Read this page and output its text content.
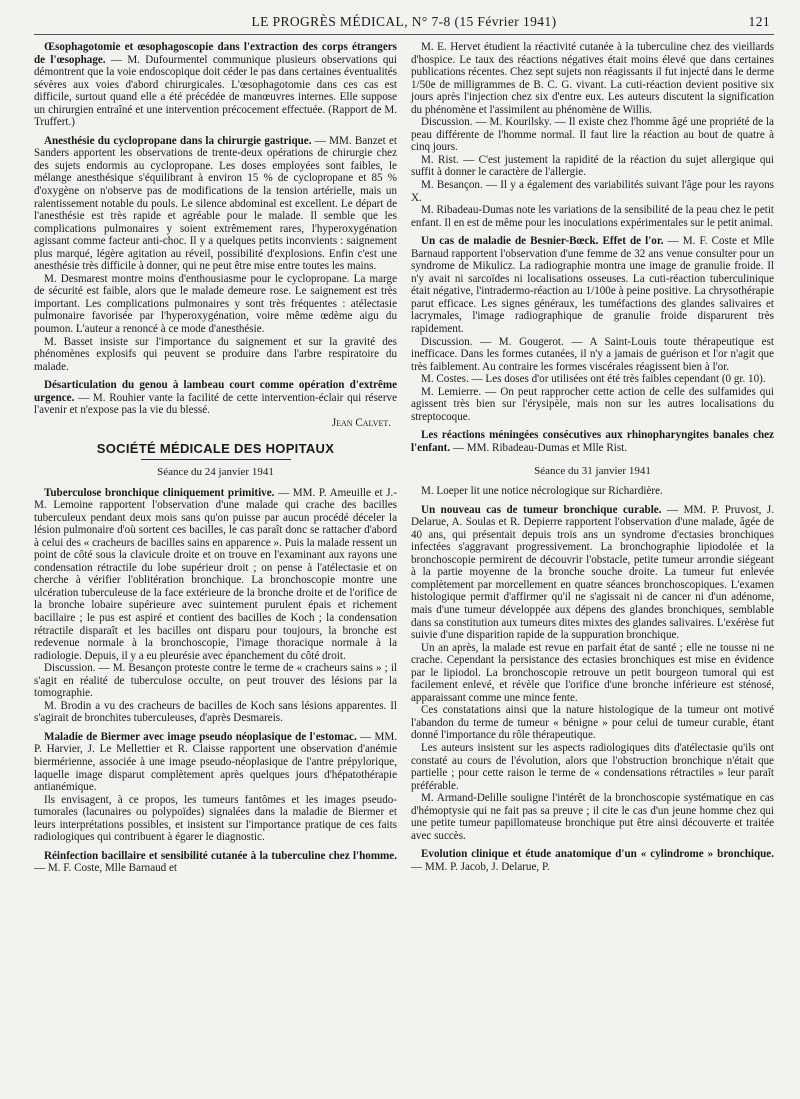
LE PROGRÈS MÉDICAL, N° 7-8 (15 Février 1941)	121

Œsophagotomie et œsophagoscopie dans l'extraction des corps étrangers de l'œsophage. — M. Dufourmentel communique plusieurs observations qui démontrent que la voie endoscopique doit céder le pas dans certaines éventualités sévères aux voies d'abord chirurgicales. L'œsophagotomie dans ces cas est difficile, surtout quand elle a été précédée de manœuvres internes. Elle suppose un chirurgien entraîné et une intervention précocement effectuée. (Rapport de M. Truffert.)

Anesthésie du cyclopropane dans la chirurgie gastrique. — MM. Banzet et Sanders apportent les observations de trente-deux opérations de chirurgie chez des sujets endormis au cyclopropane. Les doses employées sont faibles, le mélange anesthésique s'équilibrant à environ 15 % de cyclopropane et 85 % d'oxygène on n'observe pas de modifications de la tension artérielle, mais un ralentissement notable du pouls. Le silence abdominal est excellent. Le départ de l'anesthésie est très rapide et agréable pour le malade. Il semble que les complications pulmonaires y soient extrêmement rares, l'hyperoxygénation agissant comme facteur anti-choc. Il y a quelques petits inconvients : saignement plus marqué, légère agitation au réveil, possibilité d'explosions. Enfin c'est une anesthésie très difficile à donner, qui ne peut être mise entre toutes les mains.

M. Desmarest montre moins d'enthousiasme pour le cyclopropane. La marge de sécurité est faible, alors que le malade demeure rose. Le saignement est très important. Les complications pulmonaires y sont très fréquentes : atélectasie pulmonaire favorisée par l'hyperoxygénation, voire même œdème aigu du poumon. L'auteur a renoncé à ce mode d'anesthésie.

M. Basset insiste sur l'importance du saignement et sur la gravité des phénomènes explosifs qui peuvent se produire dans l'arbre respiratoire du malade.

Désarticulation du genou à lambeau court comme opération d'extrême urgence. — M. Rouhier vante la facilité de cette intervention-éclair qui réserve l'avenir et n'expose pas la vie du blessé.

Jean Calvet.
SOCIÉTÉ MÉDICALE DES HOPITAUX
Séance du 24 janvier 1941

Tuberculose bronchique cliniquement primitive. — MM. P. Ameuille et J.-M. Lemoine rapportent l'observation d'une malade qui crache des bacilles tuberculeux pendant deux mois sans qu'on puisse par aucun procédé déceler la lésion pulmonaire d'où sortent ces bacilles, le cas paraît donc se rattacher d'abord à celui des « cracheurs de bacilles sains en apparence ». Puis la malade ressent un point de côté sous la clavicule droite et on trouve en l'examinant aux rayons une condensation rétractile du lobe supérieur droit ; on pense à l'atélectasie et on cherche à vérifier l'oblitération bronchique. La bronchoscopie montre une ulcération tuberculeuse de la face extérieure de la bronche droite et de l'orifice de la bronche lobaire supérieure avec suintement purulent épais et richement bacillaire ; le pus est aspiré et contient des bacilles de Koch ; la condensation rétractile disparaît et les bacilles ont disparu pour toujours, la bronche est redevenue normale à la bronchoscopie, l'image thoracique normale à la radiologie. Depuis, il y a eu pleurésie avec épanchement du côté droit.

Discussion. — M. Besançon proteste contre le terme de « cracheurs sains » ; il s'agit en réalité de tuberculose occulte, on peut trouver des lésions par la tomographie.

M. Brodin a vu des cracheurs de bacilles de Koch sans lésions apparentes. Il s'agirait de bronchites tuberculeuses, d'après Desmareis.

Maladie de Biermer avec image pseudo néoplasique de l'estomac. — MM. P. Harvier, J. Le Mellettier et R. Claisse rapportent une observation d'anémie biermérienne, associée à une image pseudo-néoplasique de l'antre prépylorique, laquelle image disparut complètement après quelques jours d'hépatothérapie antianémique.

Ils envisagent, à ce propos, les tumeurs fantômes et les images pseudo-tumorales (lacunaires ou polypoïdes) signalées dans la maladie de Biermer et leurs interprétations possibles, et insistent sur l'importance pratique de ces faits radiologiques qui contribuent à égarer le diagnostic.

Réinfection bacillaire et sensibilité cutanée à la tuberculine chez l'homme. — M. F. Coste, Mlle Barnaud et

M. E. Hervet étudient la réactivité cutanée à la tuberculine chez des vieillards d'hospice. Le taux des réactions négatives était moins élevé que dans certaines publications récentes. Chez sept sujets non réagissants il fut injecté dans le derme 1/50e de milligrammes de B. C. G. vivant. La cuti-réaction devient positive six jours après l'injection chez six d'entre eux. Les auteurs discutent la signification du phénomène et l'assimilent au phénomène de Willis.

Discussion. — M. Kourilsky. — Il existe chez l'homme âgé une propriété de la peau différente de l'homme normal. Il faut lire la réaction au bout de quatre à cinq jours.

M. Rist. — C'est justement la rapidité de la réaction du sujet allergique qui suffit à donner le caractère de l'allergie.

M. Besançon. — Il y a également des variabilités suivant l'âge pour les rayons X.

M. Ribadeau-Dumas note les variations de la sensibilité de la peau chez le petit enfant. Il en est de même pour les inoculations expérimentales sur le petit animal.

Un cas de maladie de Besnier-Bœck. Effet de l'or. — M. F. Coste et Mlle Barnaud rapportent l'observation d'une femme de 32 ans venue consulter pour un syndrome de Mikulicz. La radiographie montra une image de granulie froide. Il n'y avait ni sarcoïdes ni localisations osseuses. La cuti-réaction tuberculinique était négative, l'intradermo-réaction au 1/100e à peine positive. La chrysothérapie parut efficace. Les signes généraux, les tuméfactions des glandes salivaires et lacrymales, l'image radiographique de granulie froide disparurent très rapidement.

Discussion. — M. Gougerot. — A Saint-Louis toute thérapeutique est inefficace. Dans les formes cutanées, il n'y a jamais de guérison et l'or n'agit que très faiblement. Au contraire les formes viscérales réagissent bien à l'or.

M. Costes. — Les doses d'or utilisées ont été très faibles cependant (0 gr. 10).

M. Lemierre. — On peut rapprocher cette action de celle des sulfamides qui agissent très bien sur l'érysipèle, mais non sur les autres localisations du streptocoque.

Les réactions méningées consécutives aux rhinopharyngites banales chez l'enfant. — MM. Ribadeau-Dumas et Mlle Rist.

Séance du 31 janvier 1941

M. Loeper lit une notice nécrologique sur Richardière.

Un nouveau cas de tumeur bronchique curable. — MM. P. Pruvost, J. Delarue, A. Soulas et R. Depierre rapportent l'observation d'une malade, âgée de 40 ans, qui présentait depuis trois ans un syndrome d'ectasies bronchiques infectées s'aggravant progressivement. La bronchographie lipiodolée et la bronchoscopie permirent de découvrir l'obstacle, petite tumeur arrondie siégeant à la partie moyenne de la bronche souche droite. La tumeur fut enlevée complètement par morcellement en quatre séances bronchoscopiques. L'examen histologique permit d'affirmer qu'il ne s'agissait ni de cancer ni d'un adénome, mais d'une tumeur développée aux dépens des glandes bronchiques, semblable dans sa constitution aux tumeurs dites mixtes des glandes salivaires. L'exérèse fut suivie d'une disparition rapide de la suppuration bronchique.

Un an après, la malade est revue en parfait état de santé ; elle ne tousse ni ne crache. Cependant la persistance des ectasies bronchiques est mise en évidence par le lipiodol. La bronchoscopie retrouve un petit bourgeon tumoral qui est facilement enlevé, et révèle que l'orifice d'une bronche inférieure est sténosé, apparaissant comme une mince fente.

Ces constatations ainsi que la nature histologique de la tumeur ont motivé l'abandon du terme de tumeur « bénigne » pour celui de tumeur curable, étant donné l'importance du rôle thérapeutique.

Les auteurs insistent sur les aspects radiologiques dits d'atélectasie qu'ils ont constaté au cours de l'évolution, alors que l'obstruction bronchique n'était que partielle ; pour cette raison le terme de « condensations rétractiles » leur paraît préférable.

M. Armand-Delille souligne l'intérêt de la bronchoscopie systématique en cas d'hémoptysie qui ne fait pas sa preuve ; il cite le cas d'un jeune homme chez qui une petite tumeur papillomateuse bronchique put être ainsi découverte et traitée avec succès.

Evolution clinique et étude anatomique d'un « cylindrome » bronchique. — MM. P. Jacob, J. Delarue, P.
